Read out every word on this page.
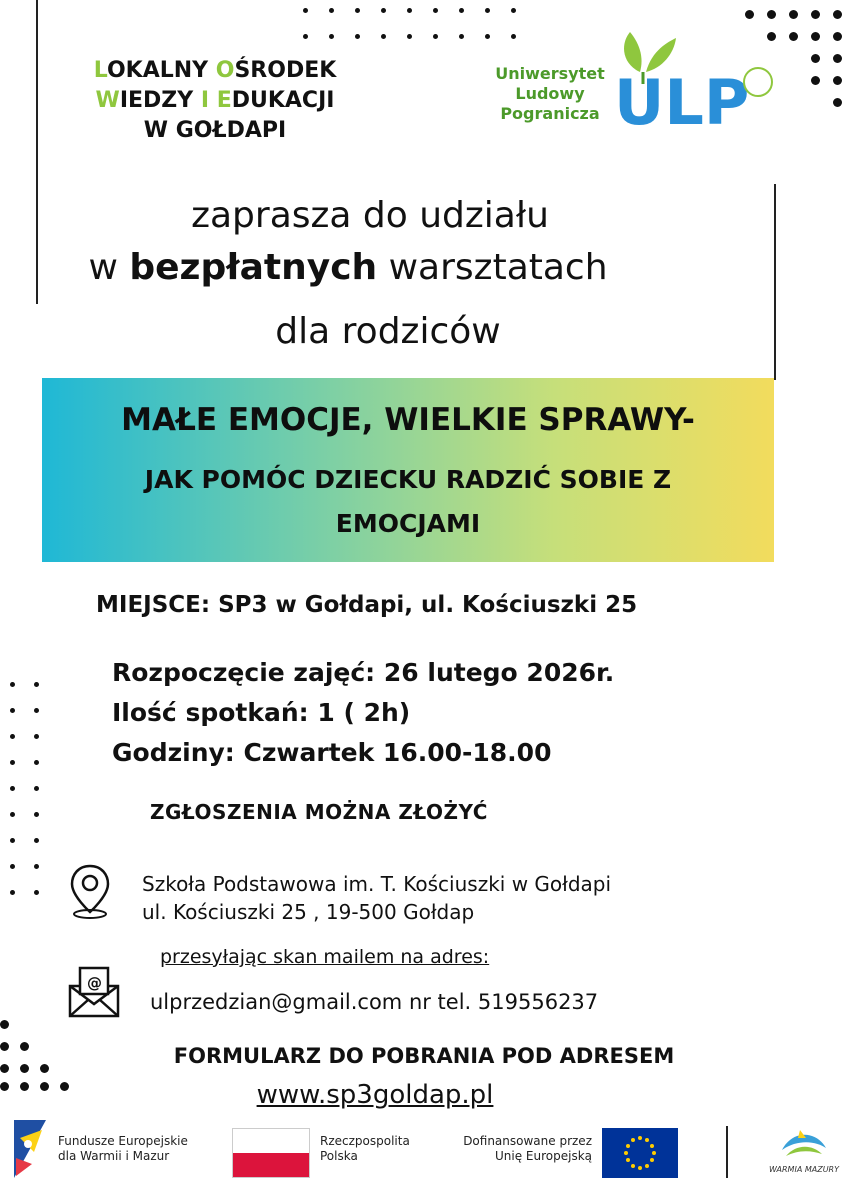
LOKALNY OŚRODEK
WIEDZY I EDUKACJI
W GOŁDAPI
Uniwersytet
Ludowy
Pogranicza ULP
zaprasza do udziału
w bezpłatnych warsztatach
dla rodziców
MAŁE EMOCJE, WIELKIE SPRAWY-
JAK POMÓC DZIECKU RADZIĆ SOBIE Z
EMOCJAMI
MIEJSCE: SP3 w Gołdapi, ul. Kościuszki 25
Rozpoczęcie zajęć: 26 lutego 2026r.
Ilość spotkań: 1 ( 2h)
Godziny: Czwartek 16.00-18.00
ZGŁOSZENIA MOŻNA ZŁOŻYĆ
Szkoła Podstawowa im. T. Kościuszki w Gołdapi
ul. Kościuszki 25 , 19-500 Gołdap
przesyłając skan mailem na adres:
@
ulprzedzian@gmail.com nr tel. 519556237
FORMULARZ DO POBRANIA POD ADRESEM
www.sp3goldap.pl
Fundusze Europejskie
dla Warmii i Mazur
Rzeczpospolita
Polska
Dofinansowane przez
Unię Europejską
WARMIA MAZURY
